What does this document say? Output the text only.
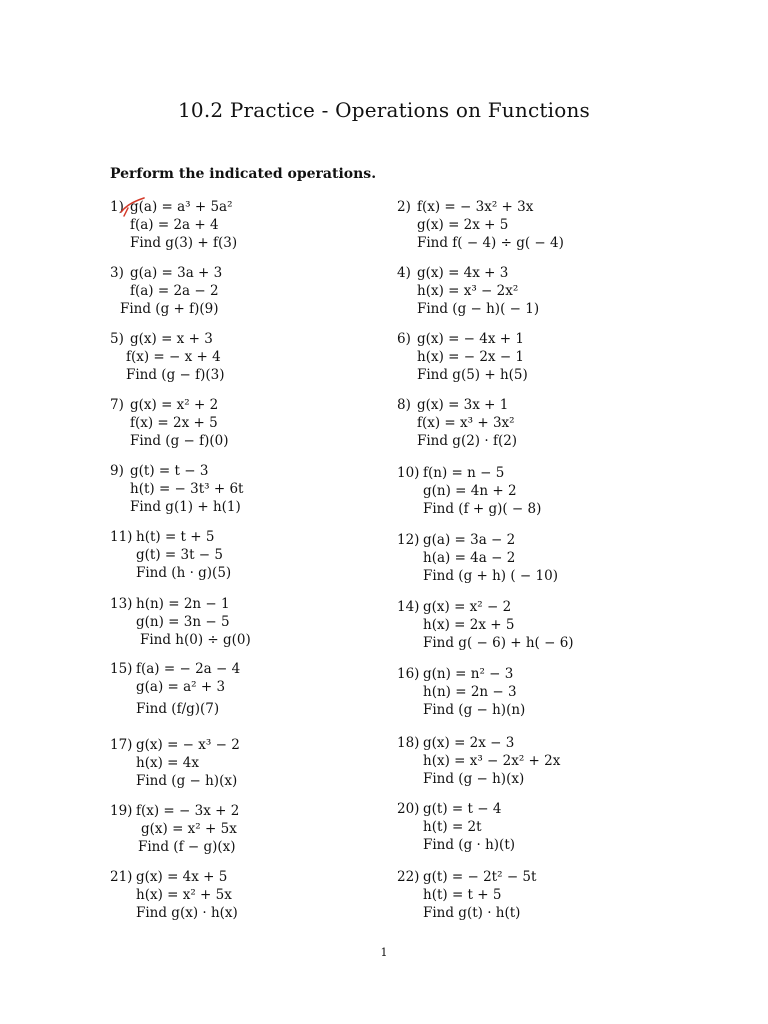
10.2 Practice - Operations on Functions
Perform the indicated operations.
1) g(a) = a³ + 5a²
f(a) = 2a + 4
Find g(3) + f(3)
3) g(a) = 3a + 3
f(a) = 2a − 2
Find (g + f)(9)
5) g(x) = x + 3
f(x) = − x + 4
Find (g − f)(3)
7) g(x) = x² + 2
f(x) = 2x + 5
Find (g − f)(0)
9) g(t) = t − 3
h(t) = − 3t³ + 6t
Find g(1) + h(1)
11) h(t) = t + 5
g(t) = 3t − 5
Find (h · g)(5)
13) h(n) = 2n − 1
g(n) = 3n − 5
Find h(0) ÷ g(0)
15) f(a) = − 2a − 4
g(a) = a² + 3
Find (f/g)(7)
17) g(x) = − x³ − 2
h(x) = 4x
Find (g − h)(x)
19) f(x) = − 3x + 2
g(x) = x² + 5x
Find (f − g)(x)
21) g(x) = 4x + 5
h(x) = x² + 5x
Find g(x) · h(x)
2) f(x) = − 3x² + 3x
g(x) = 2x + 5
Find f( − 4) ÷ g( − 4)
4) g(x) = 4x + 3
h(x) = x³ − 2x²
Find (g − h)( − 1)
6) g(x) = − 4x + 1
h(x) = − 2x − 1
Find g(5) + h(5)
8) g(x) = 3x + 1
f(x) = x³ + 3x²
Find g(2) · f(2)
10) f(n) = n − 5
g(n) = 4n + 2
Find (f + g)( − 8)
12) g(a) = 3a − 2
h(a) = 4a − 2
Find (g + h) ( − 10)
14) g(x) = x² − 2
h(x) = 2x + 5
Find g( − 6) + h( − 6)
16) g(n) = n² − 3
h(n) = 2n − 3
Find (g − h)(n)
18) g(x) = 2x − 3
h(x) = x³ − 2x² + 2x
Find (g − h)(x)
20) g(t) = t − 4
h(t) = 2t
Find (g · h)(t)
22) g(t) = − 2t² − 5t
h(t) = t + 5
Find g(t) · h(t)
1
